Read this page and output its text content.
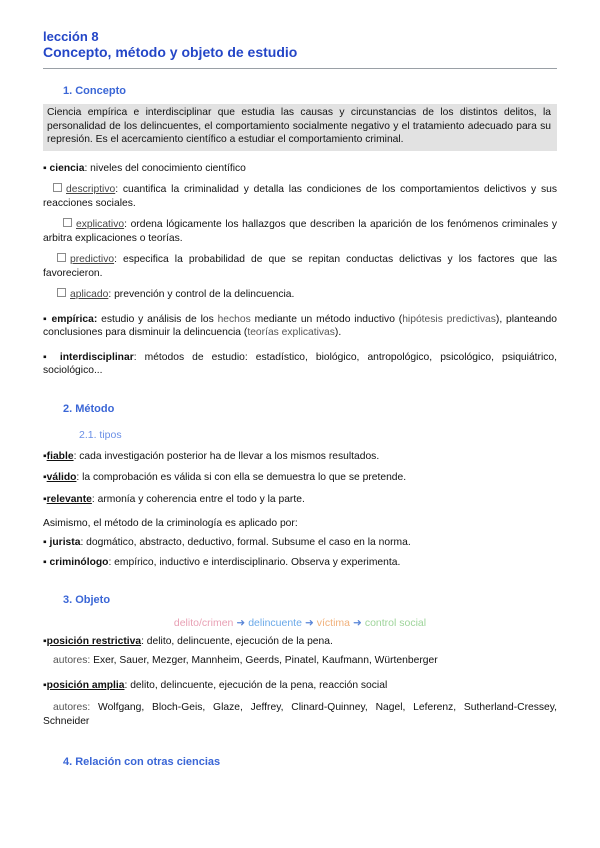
lección 8
Concepto, método y objeto de estudio
1. Concepto
Ciencia empírica e interdisciplinar que estudia las causas y circunstancias de los distintos delitos, la personalidad de los delincuentes, el comportamiento socialmente negativo y el tratamiento adecuado para su represión. Es el acercamiento científico a estudiar el comportamiento criminal.

▪ ciencia: niveles del conocimiento científico

descriptivo: cuantifica la criminalidad y detalla las condiciones de los comportamientos delictivos y sus reacciones sociales.

explicativo: ordena lógicamente los hallazgos que describen la aparición de los fenómenos criminales y arbitra explicaciones o teorías.

predictivo: especifica la probabilidad de que se repitan conductas delictivas y los factores que las favorecieron.

aplicado: prevención y control de la delincuencia.

▪ empírica: estudio y análisis de los hechos mediante un método inductivo (hipótesis predictivas), planteando conclusiones para disminuir la delincuencia (teorías explicativas).

▪ interdisciplinar: métodos de estudio: estadístico, biológico, antropológico, psicológico, psiquiátrico, sociológico...

2. Método
2.1. tipos

▪fiable: cada investigación posterior ha de llevar a los mismos resultados.

▪válido: la comprobación es válida si con ella se demuestra lo que se pretende.

▪relevante: armonía y coherencia entre el todo y la parte.

Asimismo, el método de la criminología es aplicado por:

▪ jurista: dogmático, abstracto, deductivo, formal. Subsume el caso en la norma.

▪ criminólogo: empírico, inductivo e interdisciplinario. Observa y experimenta.

3. Objeto
delito/crimen ➜ delincuente ➜ víctima ➜ control social

▪posición restrictiva: delito, delincuente, ejecución de la pena.

autores: Exer, Sauer, Mezger, Mannheim, Geerds, Pinatel, Kaufmann, Würtenberger

▪posición amplia: delito, delincuente, ejecución de la pena, reacción social

autores: Wolfgang, Bloch-Geis, Glaze, Jeffrey, Clinard-Quinney, Nagel, Leferenz, Sutherland-Cressey, Schneider

4. Relación con otras ciencias
